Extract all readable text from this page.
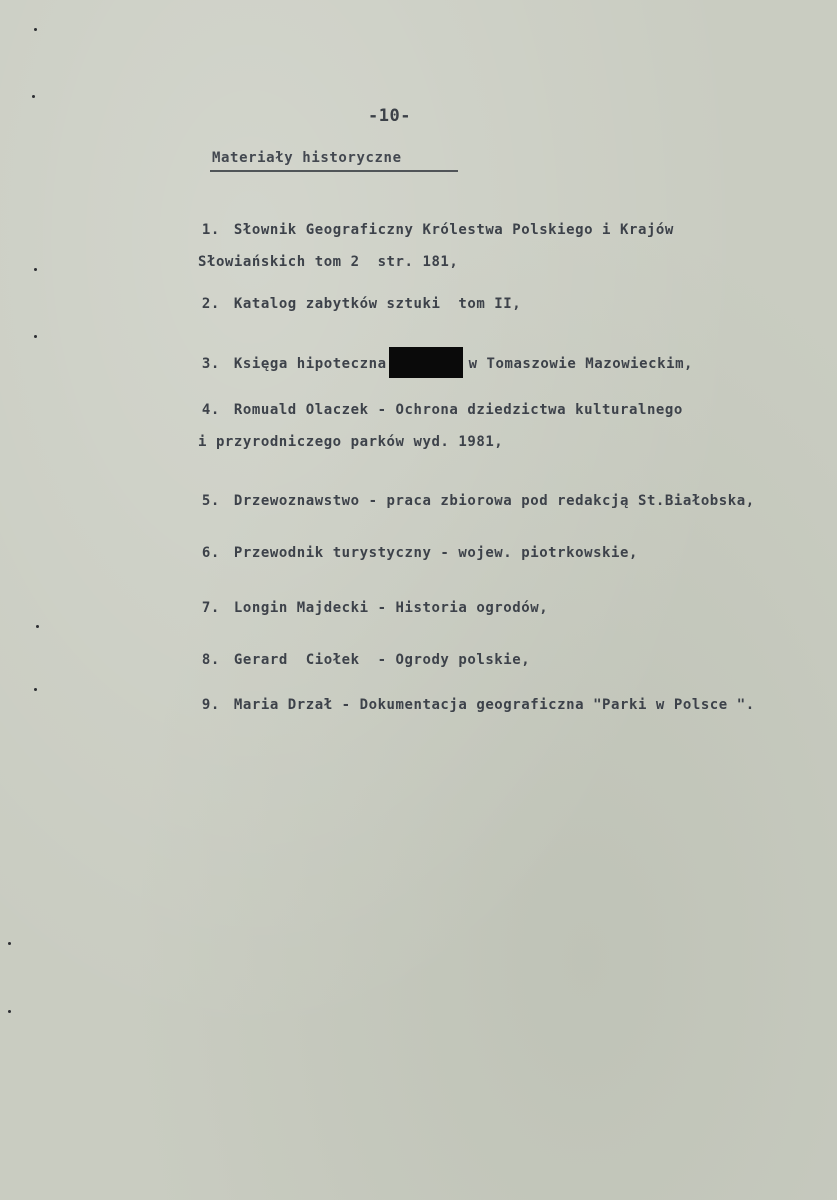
-10-
Materiały historyczne

1. Słownik Geograficzny Królestwa Polskiego i Krajów

Słowiańskich tom 2  str. 181,

2. Katalog zabytków sztuki  tom II,

3. Księga hipoteczna	w Tomaszowie Mazowieckim,

4. Romuald Olaczek - Ochrona dziedzictwa kulturalnego

i przyrodniczego parków wyd. 1981,

5. Drzewoznawstwo - praca zbiorowa pod redakcją St.Białobska,

6. Przewodnik turystyczny - wojew. piotrkowskie,

7. Longin Majdecki - Historia ogrodów,

8. Gerard  Ciołek  - Ogrody polskie,

9. Maria Drzał - Dokumentacja geograficzna "Parki w Polsce ".
